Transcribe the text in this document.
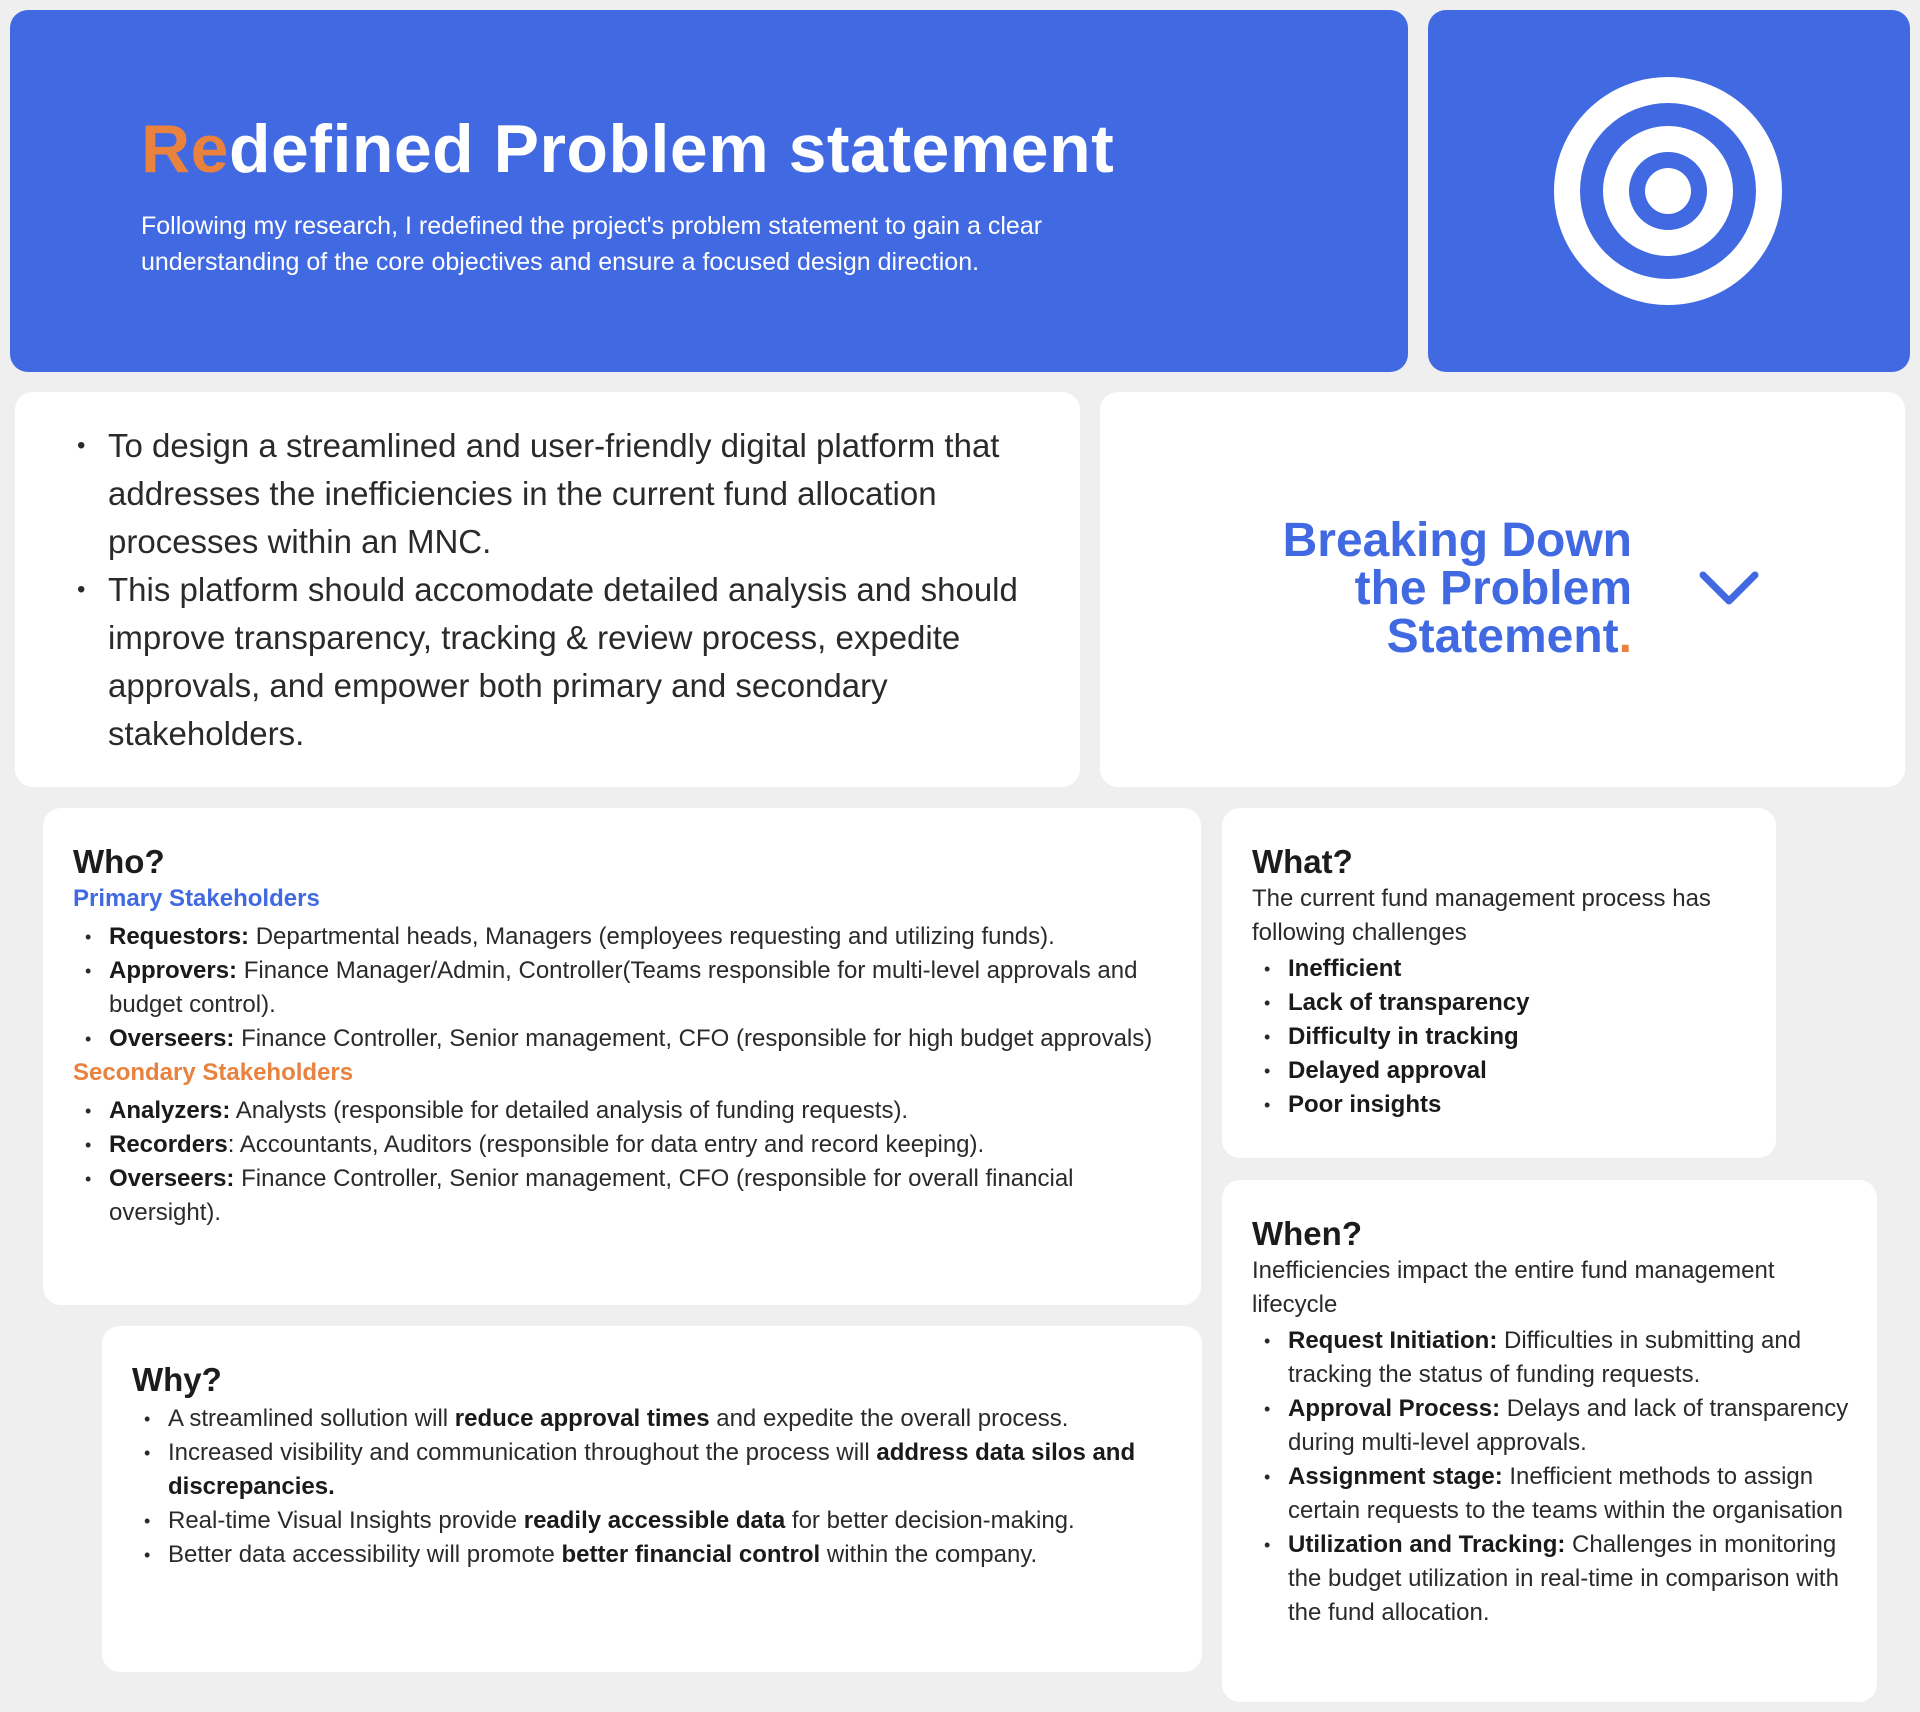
Redefined Problem statement

Following my research, I redefined the project's problem statement to gain a clear understanding of the core objectives and ensure a focused design direction.

• To design a streamlined and user-friendly digital platform that addresses the inefficiencies in the current fund allocation processes within an MNC.
• This platform should accomodate detailed analysis and should improve transparency, tracking & review process, expedite approvals, and empower both primary and secondary stakeholders.
Breaking Down
the Problem
Statement.
Who?
Primary Stakeholders
• Requestors: Departmental heads, Managers (employees requesting and utilizing funds).
• Approvers: Finance Manager/Admin, Controller(Teams responsible for multi-level approvals and budget control).
• Overseers: Finance Controller, Senior management, CFO (responsible for high budget approvals)
Secondary Stakeholders
• Analyzers: Analysts (responsible for detailed analysis of funding requests).
• Recorders: Accountants, Auditors (responsible for data entry and record keeping).
• Overseers: Finance Controller, Senior management, CFO (responsible for overall financial oversight).
What?
The current fund management process has following challenges
• Inefficient
• Lack of transparency
• Difficulty in tracking
• Delayed approval
• Poor insights
When?
Inefficiencies impact the entire fund management lifecycle
• Request Initiation: Difficulties in submitting and tracking the status of funding requests.
• Approval Process: Delays and lack of transparency during multi-level approvals.
• Assignment stage: Inefficient methods to assign certain requests to the teams within the organisation
• Utilization and Tracking: Challenges in monitoring the budget utilization in real-time in comparison with the fund allocation.
Why?
• A streamlined sollution will reduce approval times and expedite the overall process.
• Increased visibility and communication throughout the process will address data silos and discrepancies.
• Real-time Visual Insights provide readily accessible data for better decision-making.
• Better data accessibility will promote better financial control within the company.
